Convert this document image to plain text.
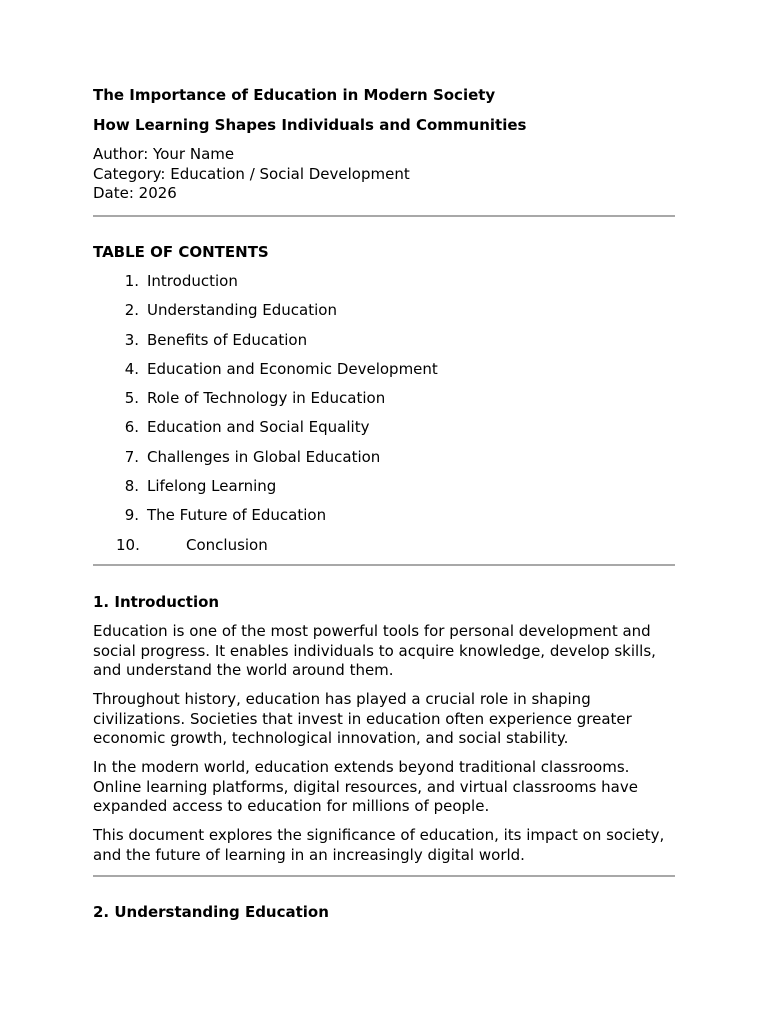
The Importance of Education in Modern Society

How Learning Shapes Individuals and Communities

Author: Your Name

Category: Education / Social Development

Date: 2026

TABLE OF CONTENTS

1. Introduction
2. Understanding Education
3. Benefits of Education
4. Education and Economic Development
5. Role of Technology in Education
6. Education and Social Equality
7. Challenges in Global Education
8. Lifelong Learning
9. The Future of Education
10.	Conclusion

1. Introduction

Education is one of the most powerful tools for personal development and social progress. It enables individuals to acquire knowledge, develop skills, and understand the world around them.

Throughout history, education has played a crucial role in shaping civilizations. Societies that invest in education often experience greater economic growth, technological innovation, and social stability.

In the modern world, education extends beyond traditional classrooms. Online learning platforms, digital resources, and virtual classrooms have expanded access to education for millions of people.

This document explores the significance of education, its impact on society, and the future of learning in an increasingly digital world.

2. Understanding Education
